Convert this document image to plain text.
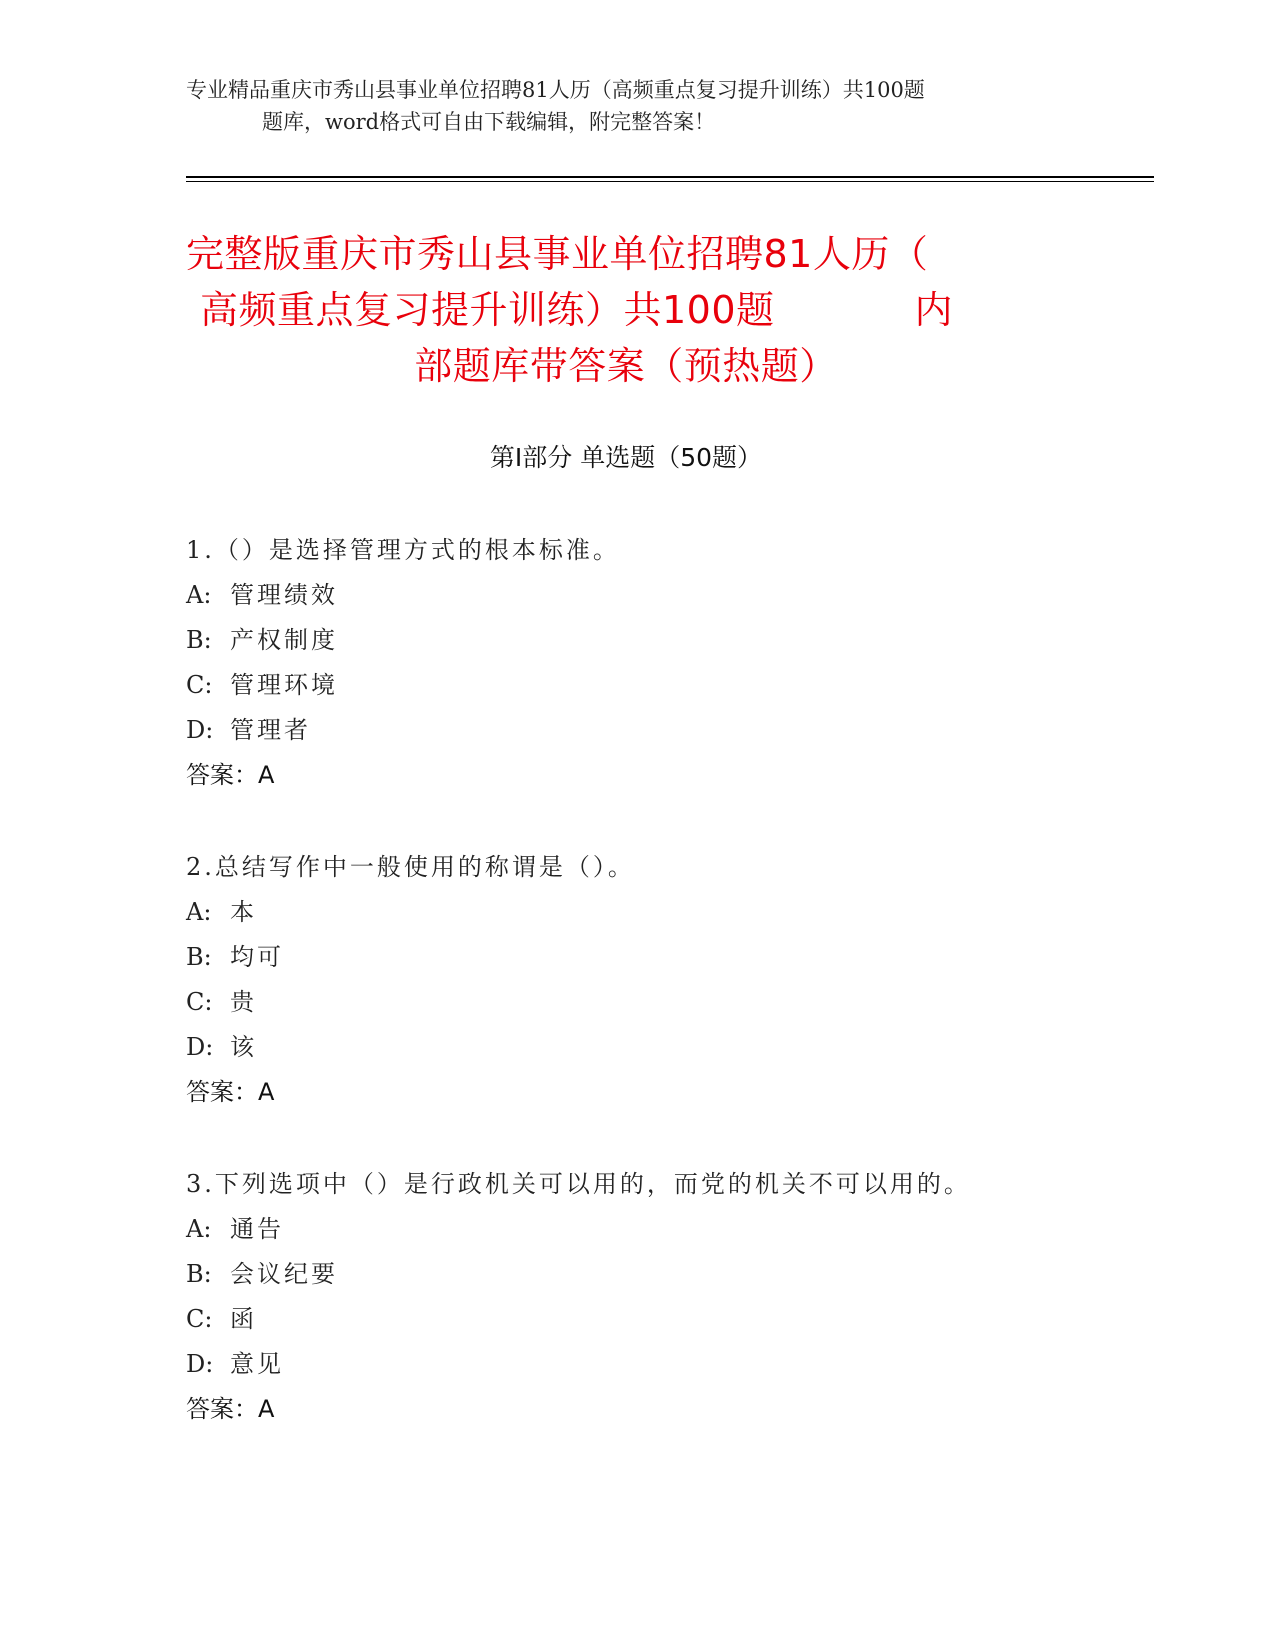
专业精品重庆市秀山县事业单位招聘81人历（高频重点复习提升训练）共100题
题库，word格式可自由下载编辑，附完整答案！
完整版重庆市秀山县事业单位招聘81人历（
高频重点复习提升训练）共100题	内
部题库带答案（预热题）
第Ⅰ部分 单选题（50题）
1.（）是选择管理方式的根本标准。
A: 管理绩效
B: 产权制度
C: 管理环境
D: 管理者
答案：A
2.总结写作中一般使用的称谓是（）。
A: 本
B: 均可
C: 贵
D: 该
答案：A
3.下列选项中（）是行政机关可以用的，而党的机关不可以用的。
A: 通告
B: 会议纪要
C: 函
D: 意见
答案：A
